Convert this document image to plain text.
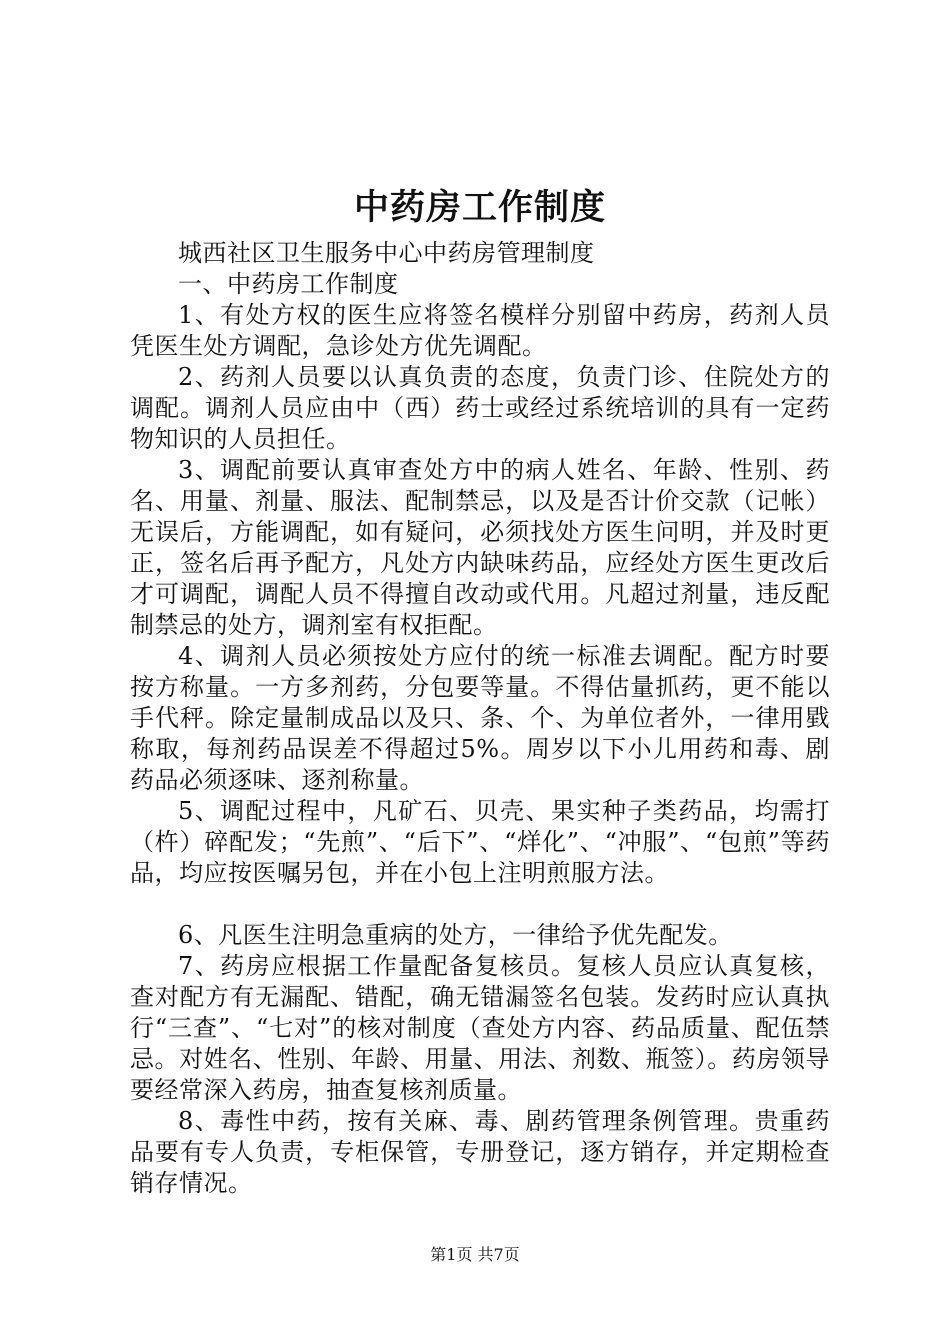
中药房工作制度

城西社区卫生服务中心中药房管理制度

一、中药房工作制度

1、有处方权的医生应将签名模样分别留中药房，药剂人员凭医生处方调配，急诊处方优先调配。

2、药剂人员要以认真负责的态度，负责门诊、住院处方的调配。调剂人员应由中（西）药士或经过系统培训的具有一定药物知识的人员担任。

3、调配前要认真审查处方中的病人姓名、年龄、性别、药名、用量、剂量、服法、配制禁忌，以及是否计价交款（记帐）无误后，方能调配，如有疑问，必须找处方医生问明，并及时更正，签名后再予配方，凡处方内缺味药品，应经处方医生更改后才可调配，调配人员不得擅自改动或代用。凡超过剂量，违反配制禁忌的处方，调剂室有权拒配。

4、调剂人员必须按处方应付的统一标准去调配。配方时要按方称量。一方多剂药，分包要等量。不得估量抓药，更不能以手代秤。除定量制成品以及只、条、个、为单位者外，一律用戥称取，每剂药品误差不得超过5%。周岁以下小儿用药和毒、剧药品必须逐味、逐剂称量。

5、调配过程中，凡矿石、贝壳、果实种子类药品，均需打（杵）碎配发；“先煎”、“后下”、“烊化”、“冲服”、“包煎”等药品，均应按医嘱另包，并在小包上注明煎服方法。

6、凡医生注明急重病的处方，一律给予优先配发。

7、药房应根据工作量配备复核员。复核人员应认真复核，查对配方有无漏配、错配，确无错漏签名包装。发药时应认真执行“三查”、“七对”的核对制度（查处方内容、药品质量、配伍禁忌。对姓名、性别、年龄、用量、用法、剂数、瓶签）。药房领导要经常深入药房，抽查复核剂质量。

8、毒性中药，按有关麻、毒、剧药管理条例管理。贵重药品要有专人负责，专柜保管，专册登记，逐方销存，并定期检查销存情况。

第1页 共7页
